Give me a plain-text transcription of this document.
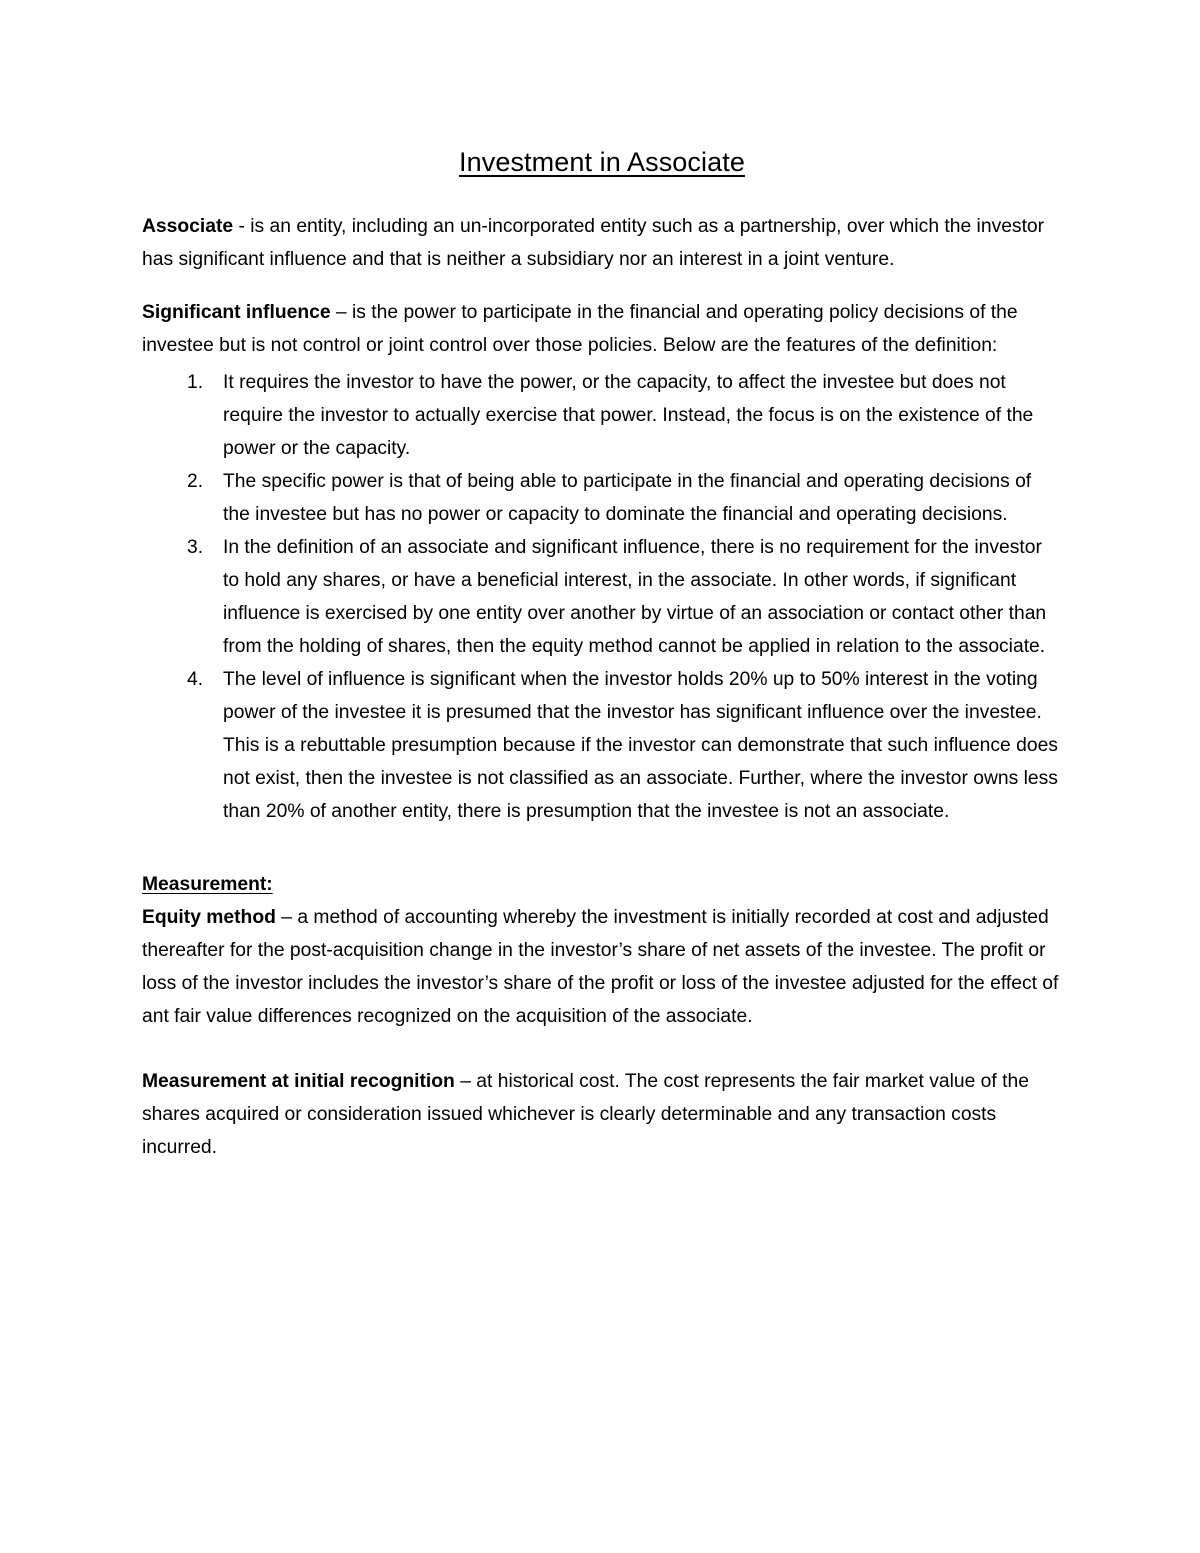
Investment in Associate

Associate - is an entity, including an un-incorporated entity such as a partnership, over which the investor has significant influence and that is neither a subsidiary nor an interest in a joint venture.

Significant influence – is the power to participate in the financial and operating policy decisions of the investee but is not control or joint control over those policies. Below are the features of the definition:

1. It requires the investor to have the power, or the capacity, to affect the investee but does not require the investor to actually exercise that power. Instead, the focus is on the existence of the power or the capacity.
2. The specific power is that of being able to participate in the financial and operating decisions of the investee but has no power or capacity to dominate the financial and operating decisions.
3. In the definition of an associate and significant influence, there is no requirement for the investor to hold any shares, or have a beneficial interest, in the associate. In other words, if significant influence is exercised by one entity over another by virtue of an association or contact other than from the holding of shares, then the equity method cannot be applied in relation to the associate.
4. The level of influence is significant when the investor holds 20% up to 50% interest in the voting power of the investee it is presumed that the investor has significant influence over the investee. This is a rebuttable presumption because if the investor can demonstrate that such influence does not exist, then the investee is not classified as an associate. Further, where the investor owns less than 20% of another entity, there is presumption that the investee is not an associate.

Measurement:

Equity method – a method of accounting whereby the investment is initially recorded at cost and adjusted thereafter for the post-acquisition change in the investor’s share of net assets of the investee. The profit or loss of the investor includes the investor’s share of the profit or loss of the investee adjusted for the effect of ant fair value differences recognized on the acquisition of the associate.

Measurement at initial recognition – at historical cost. The cost represents the fair market value of the shares acquired or consideration issued whichever is clearly determinable and any transaction costs incurred.
